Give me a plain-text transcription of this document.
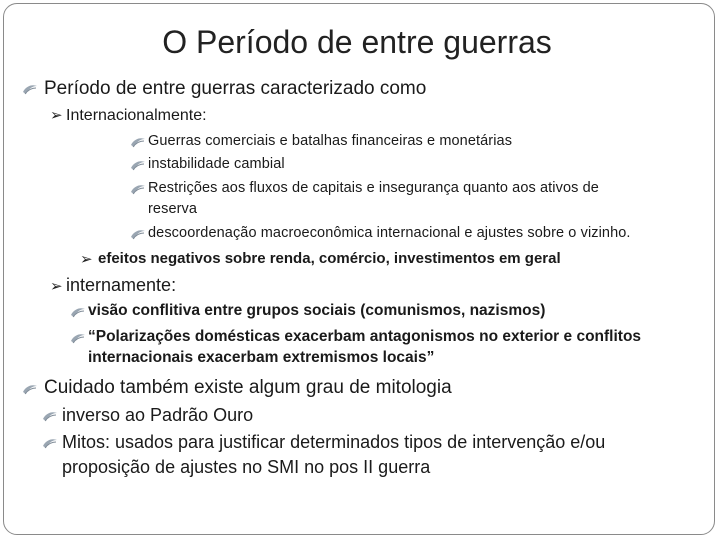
O Período de entre guerras
Período de entre guerras caracterizado como
➢ Internacionalmente:
Guerras comerciais e batalhas financeiras e monetárias
instabilidade cambial
Restrições aos fluxos de capitais e insegurança quanto aos ativos de
reserva
descoordenação macroeconômica internacional e ajustes sobre o vizinho.
➢ efeitos negativos sobre renda, comércio, investimentos em geral
➢ internamente:
visão conflitiva entre grupos sociais (comunismos, nazismos)
“Polarizações domésticas exacerbam antagonismos no exterior e conflitos
internacionais exacerbam extremismos locais”
Cuidado também existe algum grau de mitologia
inverso ao Padrão Ouro
Mitos: usados para justificar determinados tipos de intervenção e/ou
proposição de ajustes no SMI no pos II guerra
